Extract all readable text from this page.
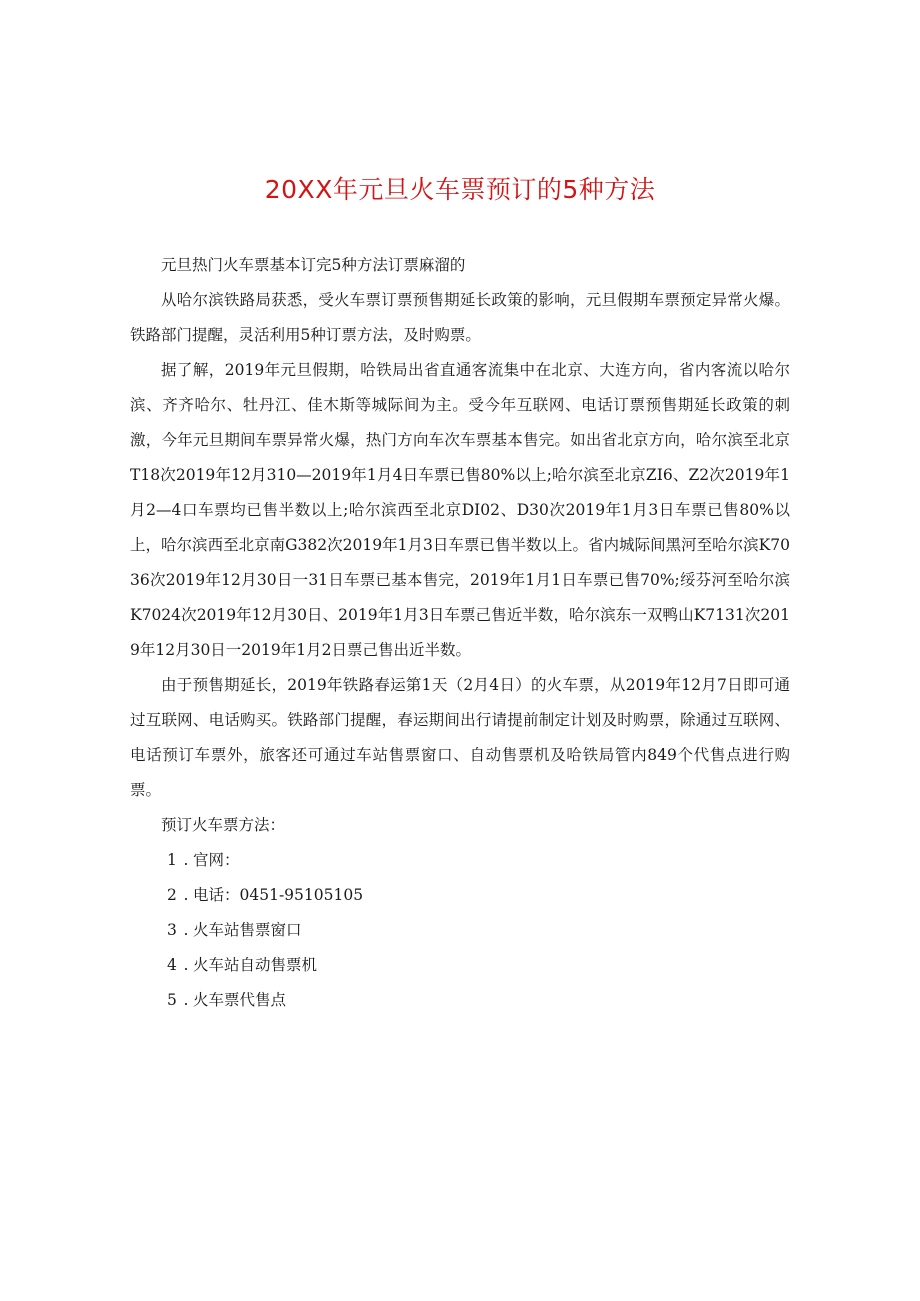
20XX年元旦火车票预订的5种方法

元旦热门火车票基本订完5种方法订票麻溜的

从哈尔滨铁路局获悉，受火车票订票预售期延长政策的影响，元旦假期车票预定异常火爆。铁路部门提醒，灵活利用5种订票方法，及时购票。

据了解，2019年元旦假期，哈铁局出省直通客流集中在北京、大连方向，省内客流以哈尔滨、齐齐哈尔、牡丹江、佳木斯等城际间为主。受今年互联网、电话订票预售期延长政策的刺激，今年元旦期间车票异常火爆，热门方向车次车票基本售完。如出省北京方向，哈尔滨至北京T18次2019年12月310—2019年1月4日车票已售80%以上;哈尔滨至北京ZI6、Z2次2019年1月2—4口车票均已售半数以上;哈尔滨西至北京DI02、D30次2019年1月3日车票已售80%以上，哈尔滨西至北京南G382次2019年1月3日车票已售半数以上。省内城际间黑河至哈尔滨K7036次2019年12月30日一31日车票已基本售完，2019年1月1日车票已售70%;绥芬河至哈尔滨K7024次2019年12月30日、2019年1月3日车票己售近半数，哈尔滨东一双鸭山K7131次2019年12月30日一2019年1月2日票己售出近半数。

由于预售期延长，2019年铁路春运第1天（2月4日）的火车票，从2019年12月7日即可通过互联网、电话购买。铁路部门提醒，春运期间出行请提前制定计划及时购票，除通过互联网、电话预订车票外，旅客还可通过车站售票窗口、自动售票机及哈铁局管内849个代售点进行购票。

预订火车票方法：

1 . 官网：
2 . 电话：0451-95105105
3 . 火车站售票窗口
4 . 火车站自动售票机
5 . 火车票代售点
